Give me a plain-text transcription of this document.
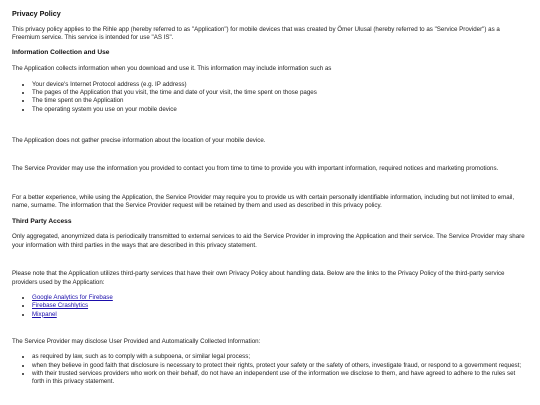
Privacy Policy

This privacy policy applies to the Rihle app (hereby referred to as "Application") for mobile devices that was created by Ömer Ulusal (hereby referred to as "Service Provider") as a Freemium service. This service is intended for use "AS IS".

Information Collection and Use

The Application collects information when you download and use it. This information may include information such as

• Your device's Internet Protocol address (e.g. IP address)
• The pages of the Application that you visit, the time and date of your visit, the time spent on those pages
• The time spent on the Application
• The operating system you use on your mobile device

The Application does not gather precise information about the location of your mobile device.

The Service Provider may use the information you provided to contact you from time to time to provide you with important information, required notices and marketing promotions.

For a better experience, while using the Application, the Service Provider may require you to provide us with certain personally identifiable information, including but not limited to email, name, surname. The information that the Service Provider request will be retained by them and used as described in this privacy policy.

Third Party Access

Only aggregated, anonymized data is periodically transmitted to external services to aid the Service Provider in improving the Application and their service. The Service Provider may share your information with third parties in the ways that are described in this privacy statement.

Please note that the Application utilizes third-party services that have their own Privacy Policy about handling data. Below are the links to the Privacy Policy of the third-party service providers used by the Application:

• Google Analytics for Firebase
• Firebase Crashlytics
• Mixpanel

The Service Provider may disclose User Provided and Automatically Collected Information:

• as required by law, such as to comply with a subpoena, or similar legal process;
• when they believe in good faith that disclosure is necessary to protect their rights, protect your safety or the safety of others, investigate fraud, or respond to a government request;
• with their trusted services providers who work on their behalf, do not have an independent use of the information we disclose to them, and have agreed to adhere to the rules set forth in this privacy statement.
